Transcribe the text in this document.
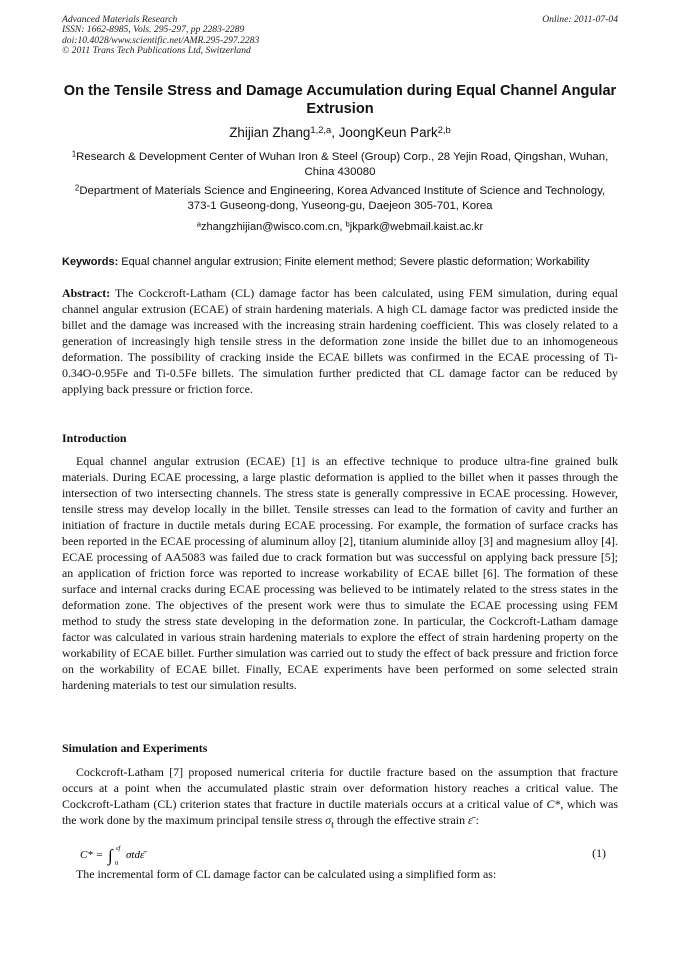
Advanced Materials Research
ISSN: 1662-8985, Vols. 295-297, pp 2283-2289
doi:10.4028/www.scientific.net/AMR.295-297.2283
© 2011 Trans Tech Publications Ltd, Switzerland
Online: 2011-07-04
On the Tensile Stress and Damage Accumulation during Equal Channel Angular Extrusion
Zhijian Zhang$^{1,2,a}$, JoongKeun Park$^{2,b}$
$^1$Research & Development Center of Wuhan Iron & Steel (Group) Corp., 28 Yejin Road, Qingshan, Wuhan, China 430080
$^2$Department of Materials Science and Engineering, Korea Advanced Institute of Science and Technology, 373-1 Guseong-dong, Yuseong-gu, Daejeon 305-701, Korea
$^a$zhangzhijian@wisco.com.cn, $^b$jkpark@webmail.kaist.ac.kr
Keywords: Equal channel angular extrusion; Finite element method; Severe plastic deformation; Workability
Abstract: The Cockcroft-Latham (CL) damage factor has been calculated, using FEM simulation, during equal channel angular extrusion (ECAE) of strain hardening materials. A high CL damage factor was predicted inside the billet and the damage was increased with the increasing strain hardening coefficient. This was closely related to a generation of increasingly high tensile stress in the deformation zone inside the billet due to an inhomogeneous deformation. The possibility of cracking inside the ECAE billets was confirmed in the ECAE processing of Ti-0.34O-0.95Fe and Ti-0.5Fe billets. The simulation further predicted that CL damage factor can be reduced by applying back pressure or friction force.
Introduction
Equal channel angular extrusion (ECAE) [1] is an effective technique to produce ultra-fine grained bulk materials. During ECAE processing, a large plastic deformation is applied to the billet when it passes through the intersection of two intersecting channels. The stress state is generally compressive in ECAE processing. However, tensile stress may develop locally in the billet. Tensile stresses can lead to the formation of cavity and further an initiation of fracture in ductile metals during ECAE processing. For example, the formation of surface cracks has been reported in the ECAE processing of aluminum alloy [2], titanium aluminide alloy [3] and magnesium alloy [4]. ECAE processing of AA5083 was failed due to crack formation but was successful on applying back pressure [5]; an application of friction force was reported to increase workability of ECAE billet [6]. The formation of these surface and internal cracks during ECAE processing was believed to be intimately related to the stress states in the deformation zone. The objectives of the present work were thus to simulate the ECAE processing using FEM method to study the stress state developing in the deformation zone. In particular, the Cockcroft-Latham damage factor was calculated in various strain hardening materials to explore the effect of strain hardening property on the workability of ECAE billet. Further simulation was carried out to study the effect of back pressure and friction force on the workability of ECAE billet. Finally, ECAE experiments have been performed on some selected strain hardening materials to test our simulation results.
Simulation and Experiments
Cockcroft-Latham [7] proposed numerical criteria for ductile fracture based on the assumption that fracture occurs at a point when the accumulated plastic strain over deformation history reaches a critical value. The Cockcroft-Latham (CL) criterion states that fracture in ductile materials occurs at a critical value of C*, which was the work done by the maximum principal tensile stress $\sigma_t$ through the effective strain ε̄ :
C* = ∫ ε̄f
0
σtdε̄	(1)
The incremental form of CL damage factor can be calculated using a simplified form as:
